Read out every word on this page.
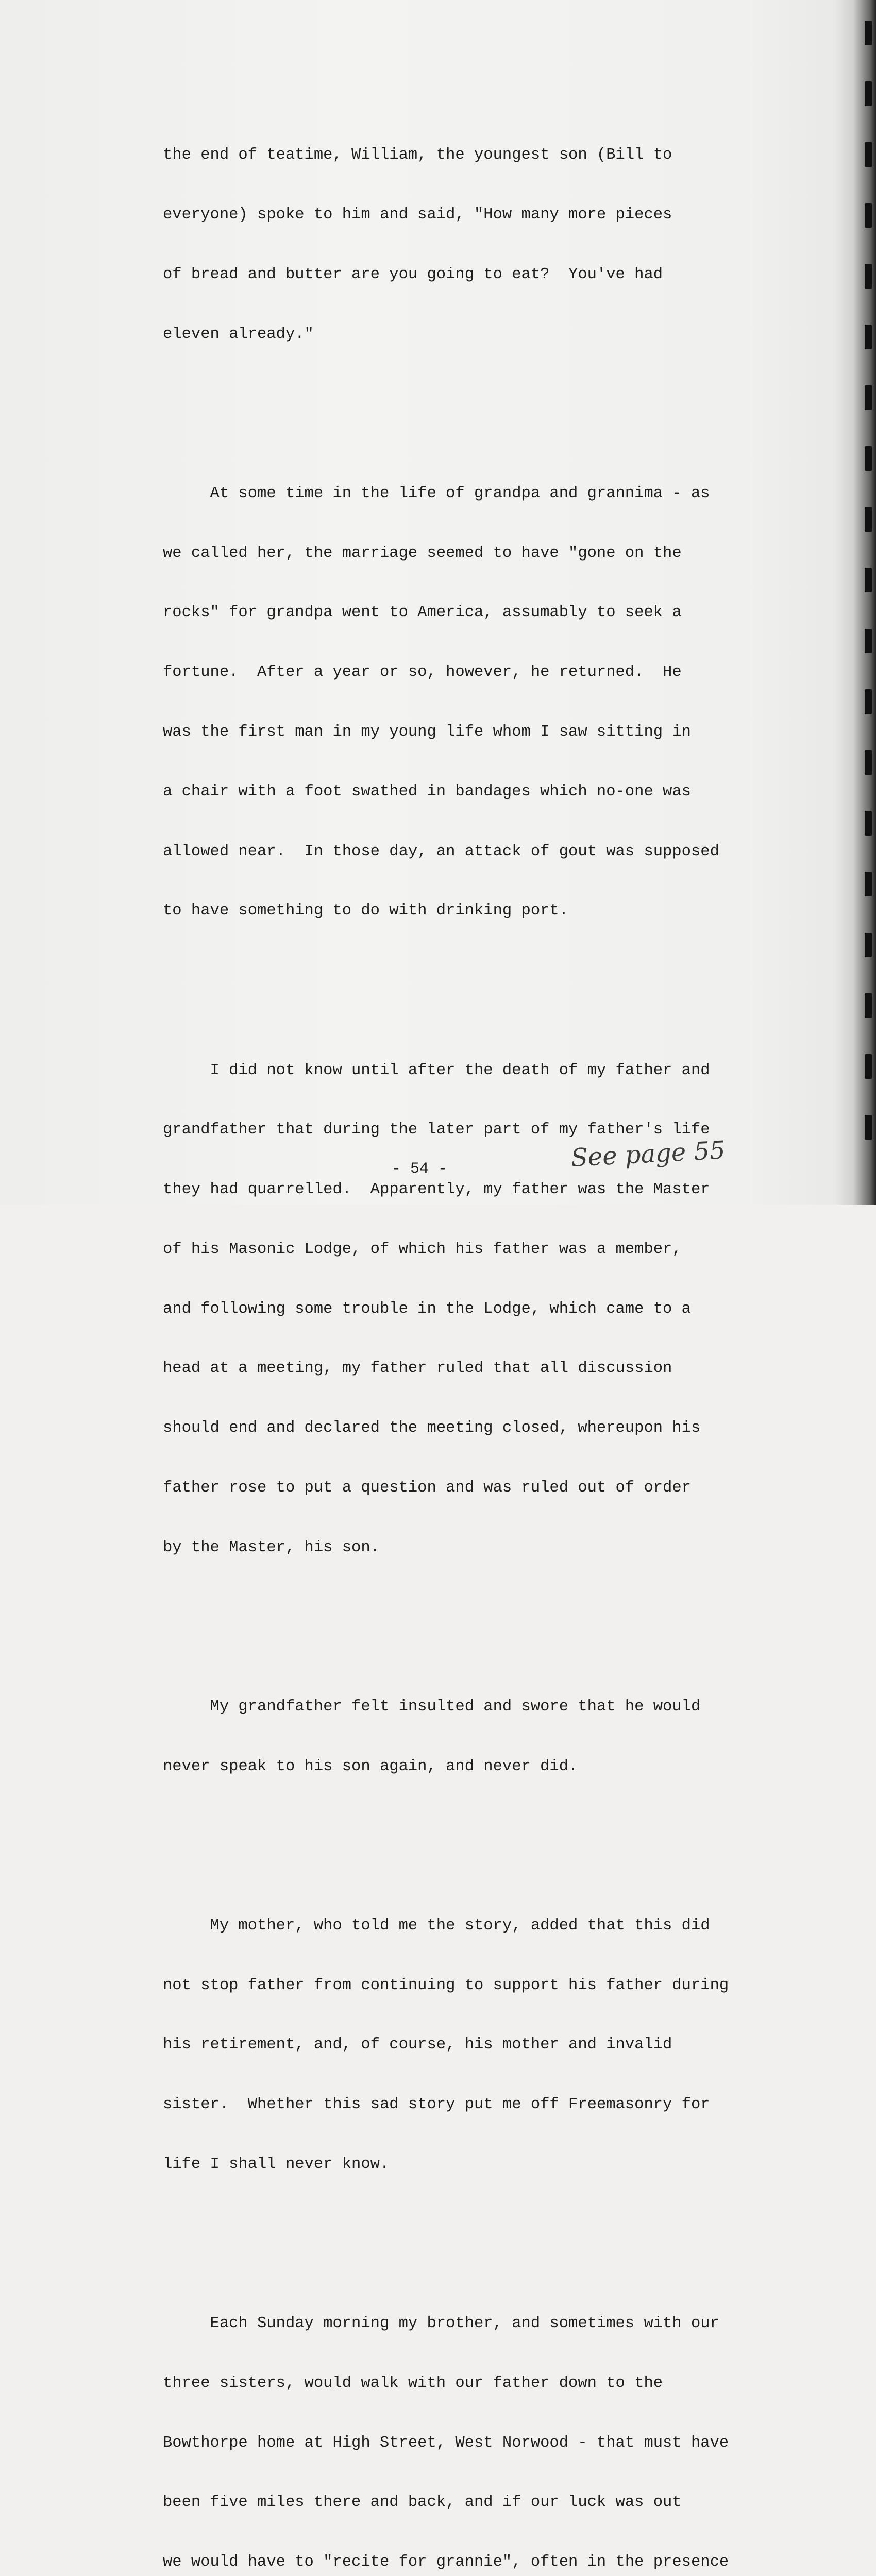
the end of teatime, William, the youngest son (Bill to

everyone) spoke to him and said, "How many more pieces

of bread and butter are you going to eat?  You've had

eleven already."

At some time in the life of grandpa and grannima - as

we called her, the marriage seemed to have "gone on the

rocks" for grandpa went to America, assumably to seek a

fortune.  After a year or so, however, he returned.  He

was the first man in my young life whom I saw sitting in

a chair with a foot swathed in bandages which no-one was

allowed near.  In those day, an attack of gout was supposed

to have something to do with drinking port.

I did not know until after the death of my father and

grandfather that during the later part of my father's life

they had quarrelled.  Apparently, my father was the Master

of his Masonic Lodge, of which his father was a member,

and following some trouble in the Lodge, which came to a

head at a meeting, my father ruled that all discussion

should end and declared the meeting closed, whereupon his

father rose to put a question and was ruled out of order

by the Master, his son.

My grandfather felt insulted and swore that he would

never speak to his son again, and never did.

My mother, who told me the story, added that this did

not stop father from continuing to support his father during

his retirement, and, of course, his mother and invalid

sister.  Whether this sad story put me off Freemasonry for

life I shall never know.

Each Sunday morning my brother, and sometimes with our

three sisters, would walk with our father down to the

Bowthorpe home at High Street, West Norwood - that must have

been five miles there and back, and if our luck was out

we would have to "recite for grannie", often in the presence

- 54 -	See page 55
